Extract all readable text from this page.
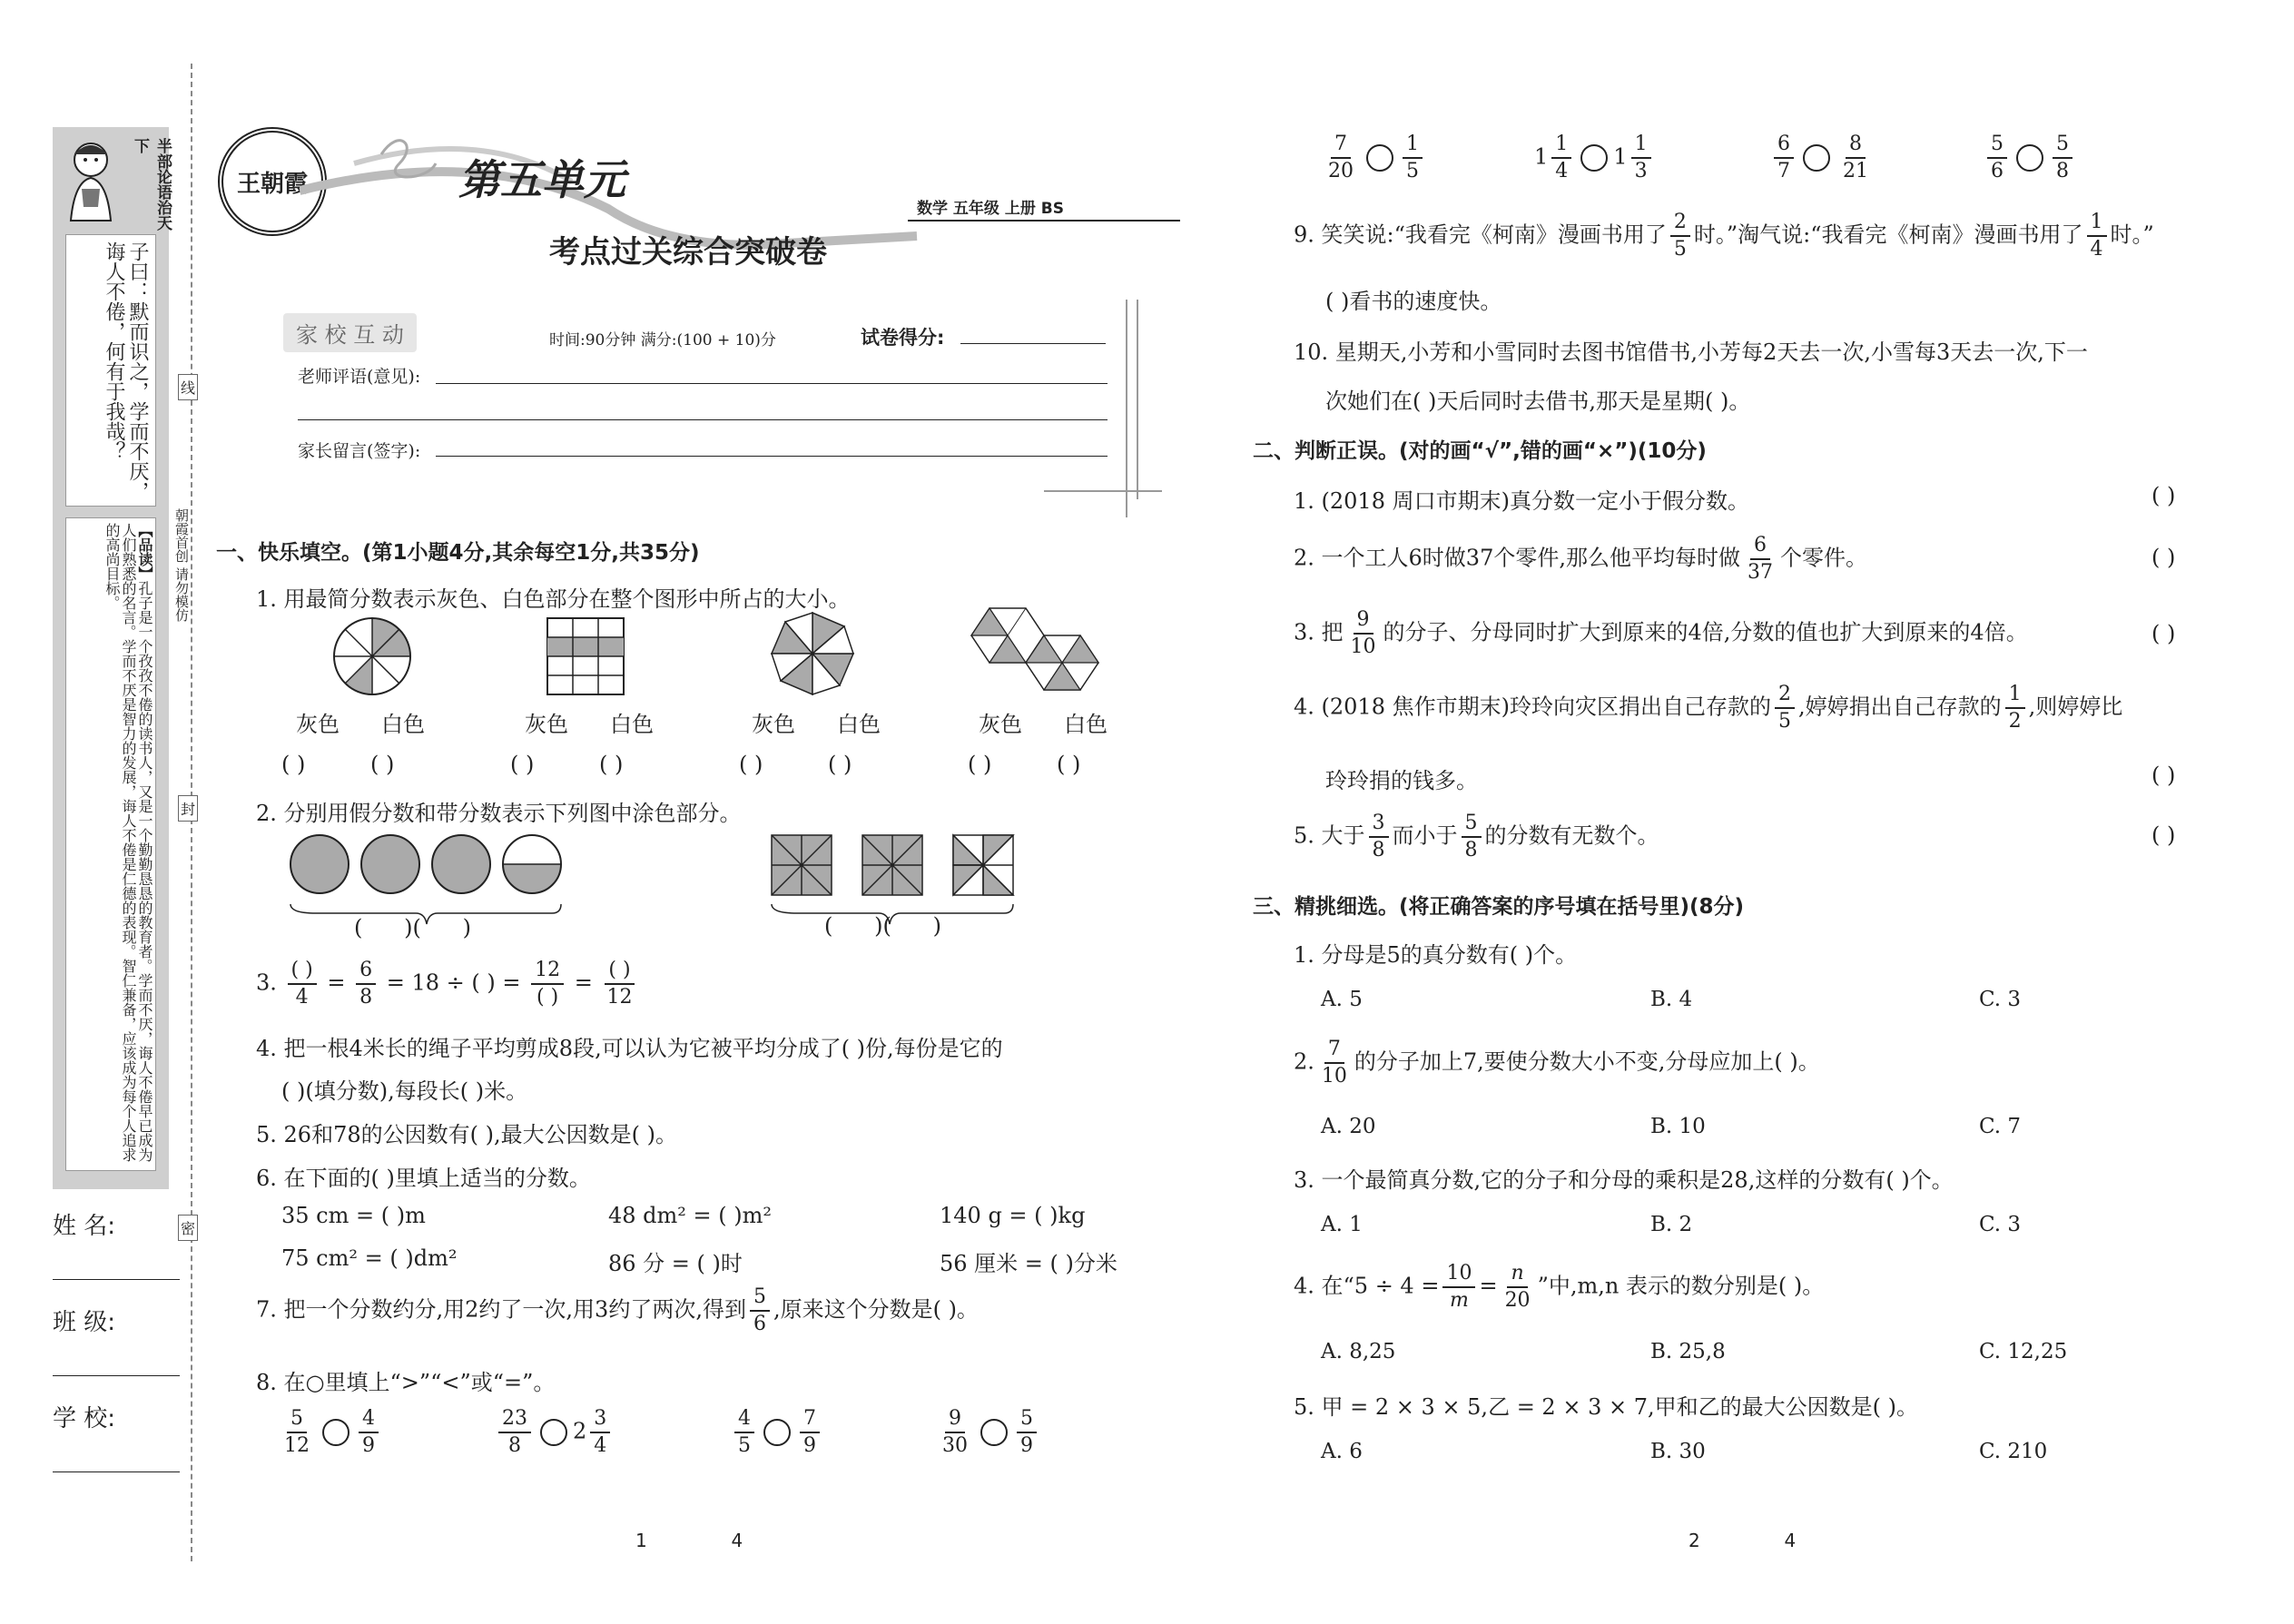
半部论语治天下
子曰：默而识之，学而不厌，诲人不倦，何有于我哉？
【品读】孔子是一个孜孜不倦的读书人，又是一个勤勤恳恳的教育者。学而不厌，诲人不倦早已成为人们熟悉的名言。学而不厌是智力的发展，诲人不倦是仁德的表现。智仁兼备，应该成为每个人追求的高尚目标。
姓 名:
班 级:
学 校:
线
封
密
朝霞首创 请勿模仿
王朝霞	第五单元
考点过关综合突破卷
数学 五年级 上册 BS
家 校 互 动	时间:90分钟 满分:(100 + 10)分	试卷得分:
老师评语(意见):
家长留言(签字):
一、快乐填空。(第1小题4分,其余每空1分,共35分)
1. 用最简分数表示灰色、白色部分在整个图形中所占的大小。
灰色 白色	灰色 白色	灰色 白色	灰色 白色
( )	( )	( )	( )	( )	( )	( )	( )
2. 分别用假分数和带分数表示下列图中涂色部分。
(      )(      )	(      )(      )
3. $\frac{( )}{4} = \frac{6}{8} = 18$ ÷ ( ) = $\frac{12}{( )} = \frac{( )}{12}$
4. 把一根4米长的绳子平均剪成8段,可以认为它被平均分成了( )份,每份是它的
( )(填分数),每段长( )米。
5. 26和78的公因数有( ),最大公因数是( )。
6. 在下面的( )里填上适当的分数。
35 cm = ( )m	48 dm² = ( )m²	140 g = ( )kg
75 cm² = ( )dm²	86 分 = ( )时	56 厘米 = ( )分米
7. 把一个分数约分,用2约了一次,用3约了两次,得到 $\frac{5}{6}$ ,原来这个分数是( )。
8. 在○里填上“>”“<”或“=”。
$\frac{5}{12} \frac{4}{9}$	$\frac{23}{8} 2 \frac{3}{4}$	$\frac{4}{5} \frac{7}{9}$	$\frac{9}{30} \frac{5}{9}$
1  4
$\frac{7}{20} \frac{1}{5}$	$1 \frac{1}{4} 1 \frac{1}{3}$	$\frac{6}{7} \frac{8}{21}$	$\frac{5}{6} \frac{5}{8}$
9. 笑笑说:“我看完《柯南》漫画书用了 $\frac{2}{5}$ 时。”淘气说:“我看完《柯南》漫画书用了 $\frac{1}{4}$ 时。”
( )看书的速度快。
10. 星期天,小芳和小雪同时去图书馆借书,小芳每2天去一次,小雪每3天去一次,下一
次她们在( )天后同时去借书,那天是星期( )。
二、判断正误。(对的画“√”,错的画“×”)(10分)
1. (2018 周口市期末)真分数一定小于假分数。	( )
2. 一个工人6时做37个零件,那么他平均每时做 $\frac{6}{37}$ 个零件。	( )
3. 把 $\frac{9}{10}$ 的分子、分母同时扩大到原来的4倍,分数的值也扩大到原来的4倍。	( )
4. (2018 焦作市期末)玲玲向灾区捐出自己存款的 $\frac{2}{5}$ ,婷婷捐出自己存款的 $\frac{1}{2}$ ,则婷婷比
玲玲捐的钱多。	( )
5. 大于 $\frac{3}{8}$ 而小于 $\frac{5}{8}$ 的分数有无数个。	( )
三、精挑细选。(将正确答案的序号填在括号里)(8分)
1. 分母是5的真分数有( )个。
A. 5	B. 4	C. 3
2. $\frac{7}{10}$ 的分子加上7,要使分数大小不变,分母应加上( )。
A. 20	B. 10	C. 7
3. 一个最简真分数,它的分子和分母的乘积是28,这样的分数有( )个。
A. 1	B. 2	C. 3
4. 在“$5 \div 4 = \frac{10}{m} = \frac{n}{20}$ ”中,m,n 表示的数分别是( )。
A. 8,25	B. 25,8	C. 12,25
5. 甲 = 2 × 3 × 5,乙 = 2 × 3 × 7,甲和乙的最大公因数是( )。
A. 6	B. 30	C. 210
2  4
